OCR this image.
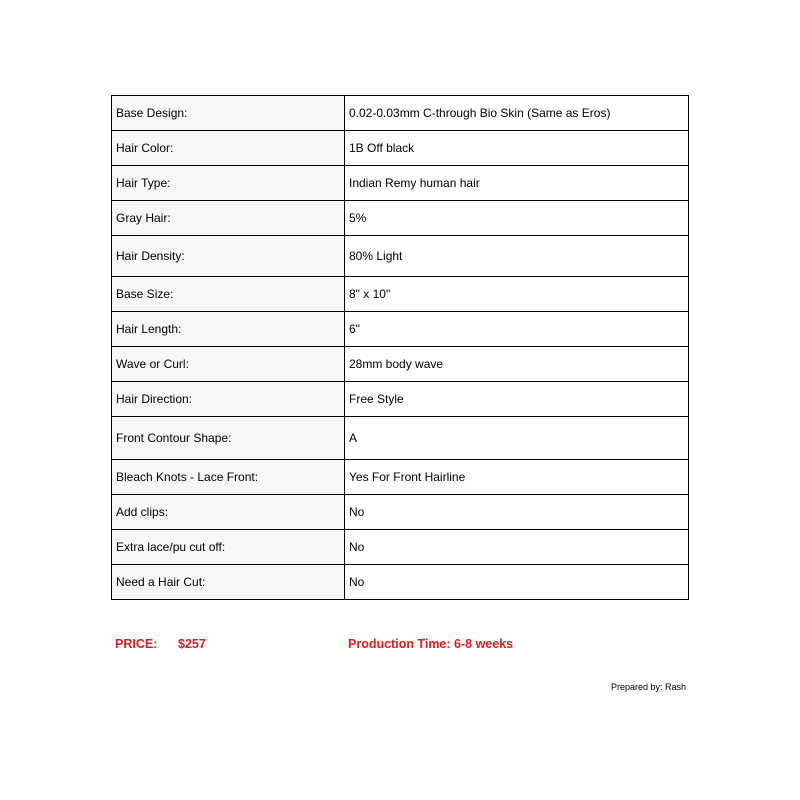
Base Design:	0.02-0.03mm C-through Bio Skin (Same as Eros)
Hair Color:	1B Off black
Hair Type:	Indian Remy human hair
Gray Hair:	5%
Hair Density:	80% Light
Base Size:	8" x 10"
Hair Length:	6"
Wave or Curl:	28mm body wave
Hair Direction:	Free Style
Front Contour Shape:	A
Bleach Knots - Lace Front:	Yes For Front Hairline
Add clips:	No
Extra lace/pu cut off:	No
Need a Hair Cut:	No
PRICE: $257	Production Time: 6-8 weeks
Prepared by: Rash
